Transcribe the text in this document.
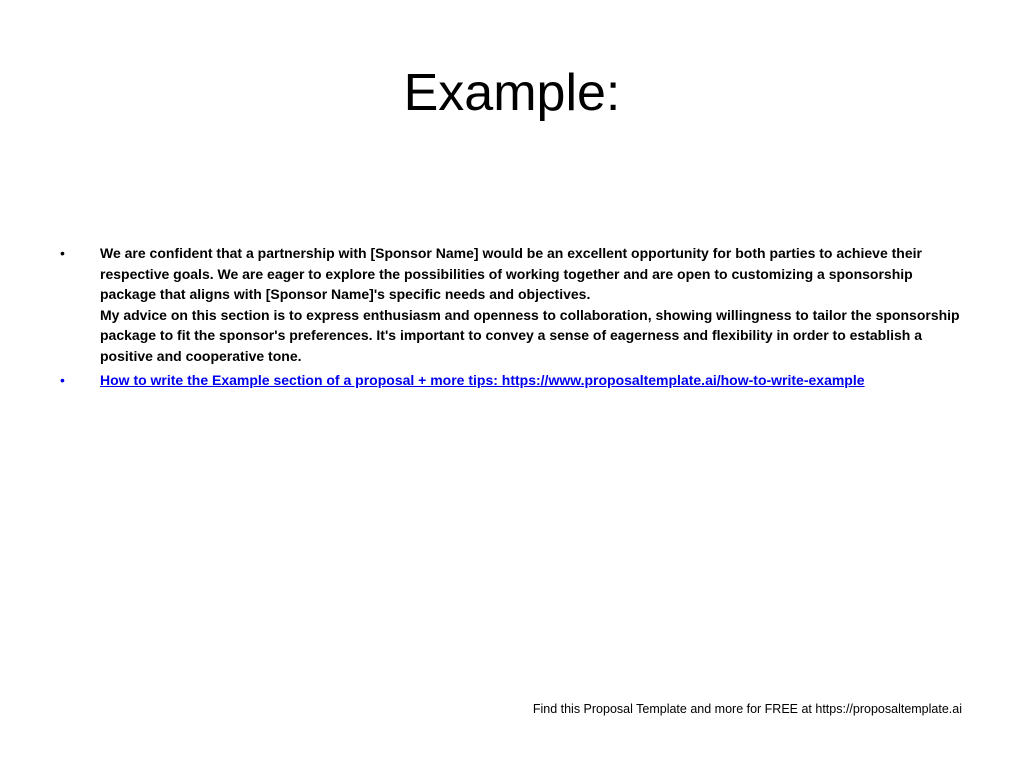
Example:
•	We are confident that a partnership with [Sponsor Name] would be an excellent opportunity for both parties to achieve their respective goals. We are eager to explore the possibilities of working together and are open to customizing a sponsorship package that aligns with [Sponsor Name]'s specific needs and objectives.
My advice on this section is to express enthusiasm and openness to collaboration, showing willingness to tailor the sponsorship package to fit the sponsor's preferences. It's important to convey a sense of eagerness and flexibility in order to establish a positive and cooperative tone.
•	How to write the Example section of a proposal + more tips: https://www.proposaltemplate.ai/how-to-write-example
Find this Proposal Template and more for FREE at https://proposaltemplate.ai
